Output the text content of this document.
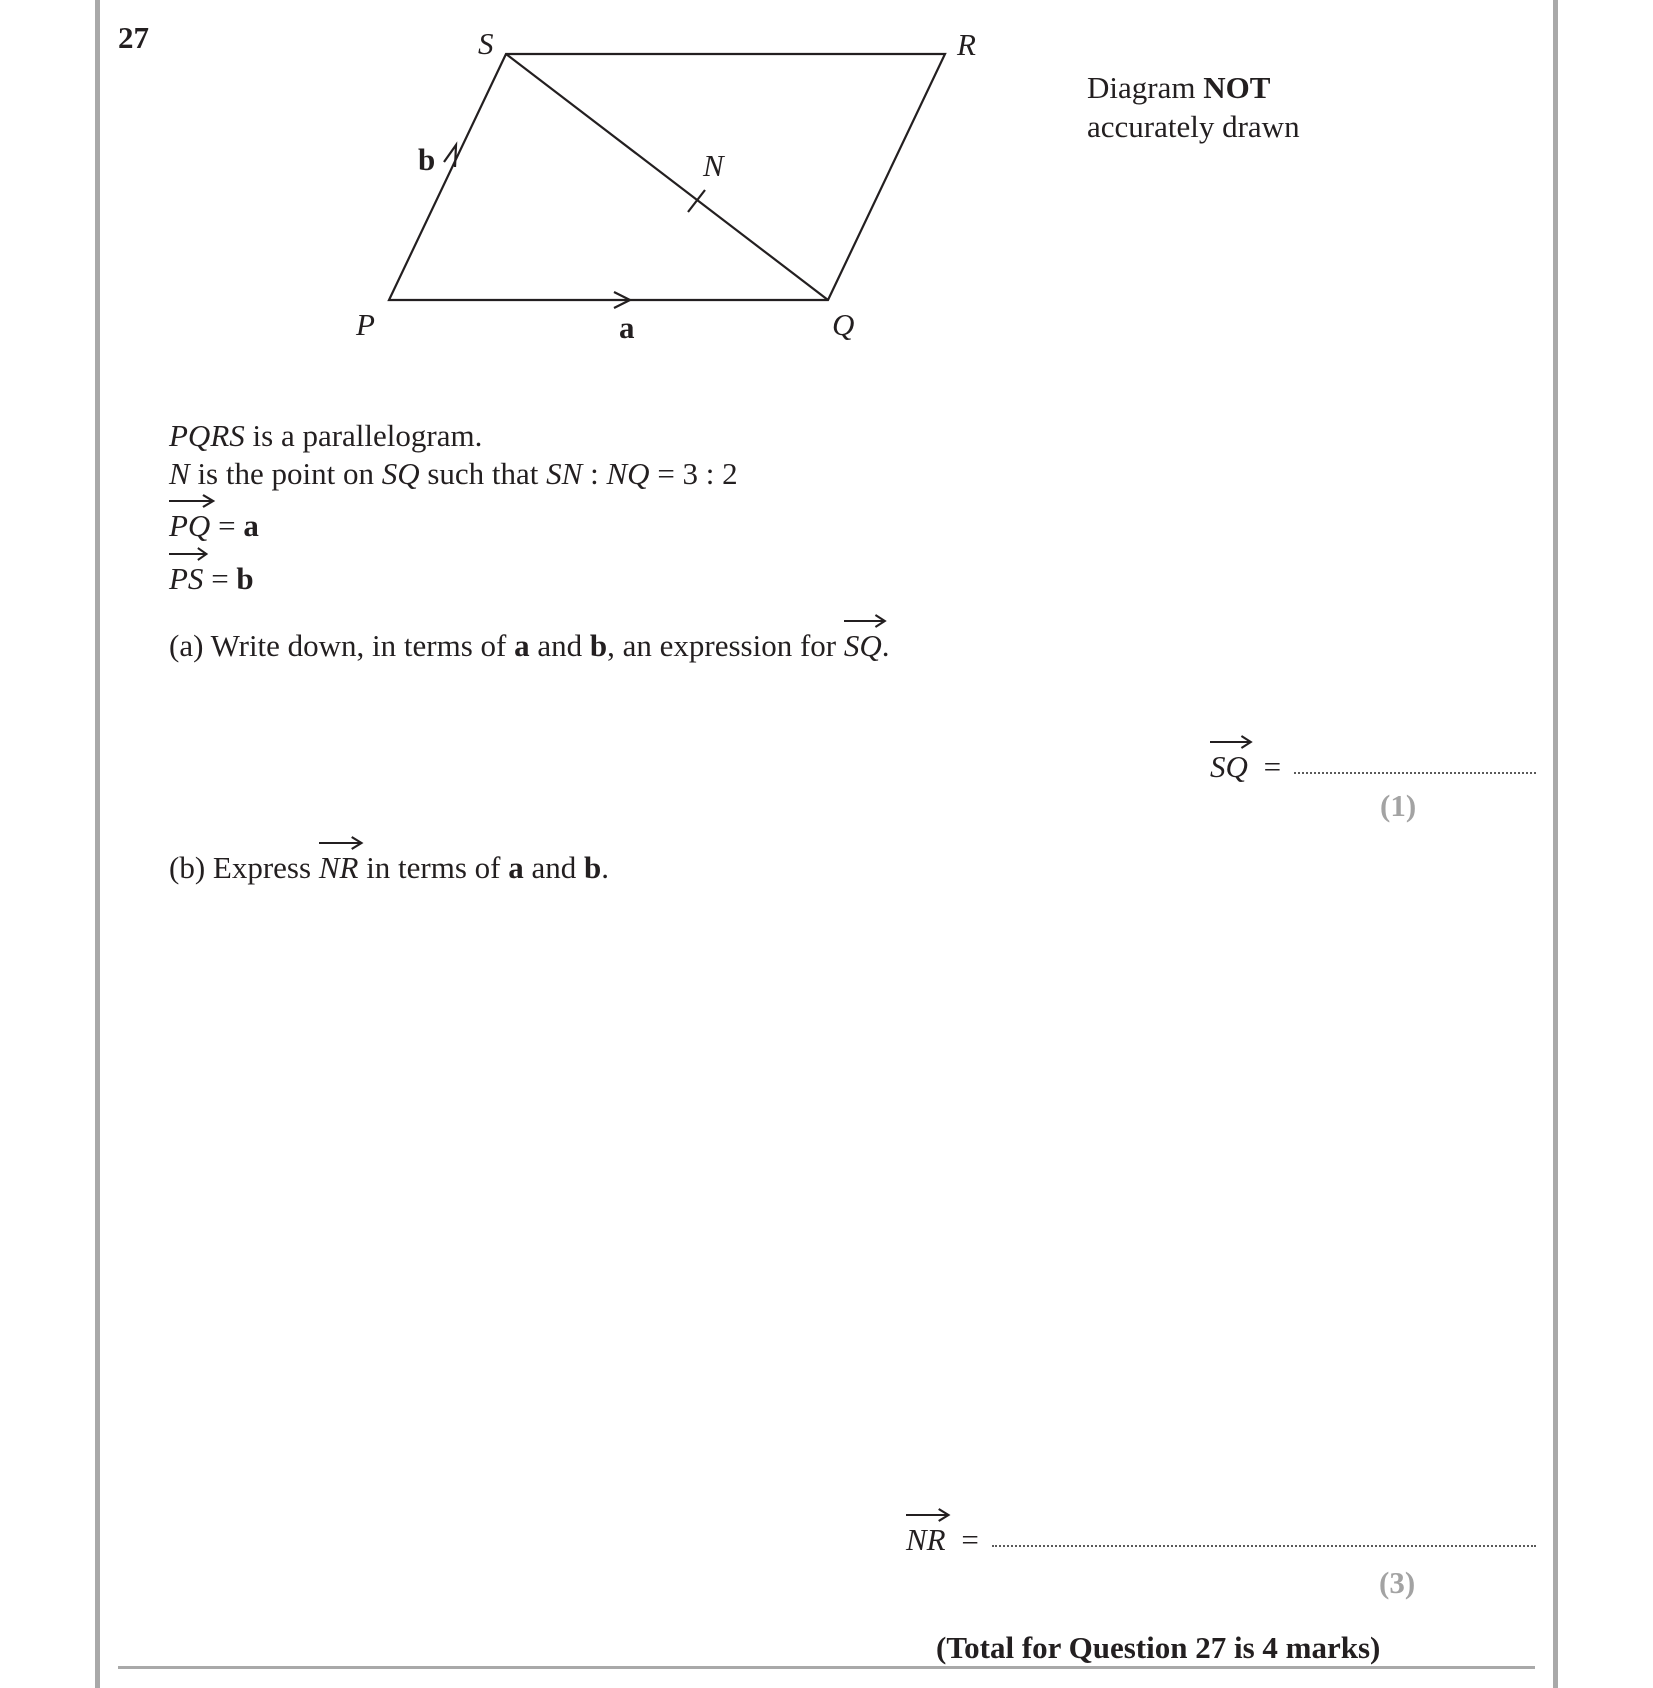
27	S	R
P	Q
N
a
b
Diagram NOT
accurately drawn
PQRS is a parallelogram.
N is the point on SQ such that SN : NQ = 3 : 2
PQ = a
PS = b
(a) Write down, in terms of a and b, an expression for
SQ.
SQ =
(1)
(b) Express
NR in terms of a and b.
NR =
(3)
(Total for Question 27 is 4 marks)
